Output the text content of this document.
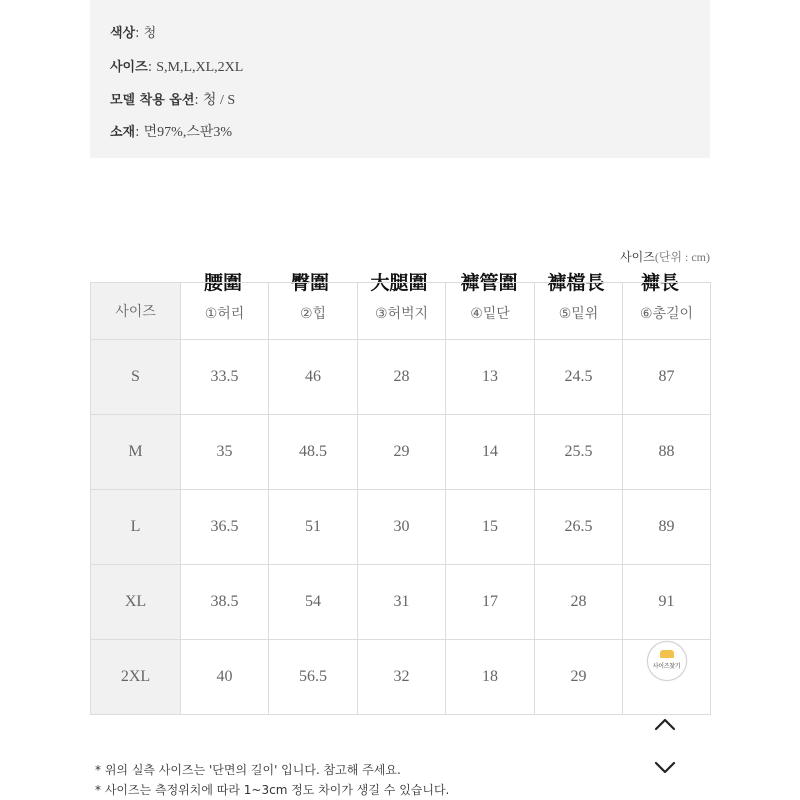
색상: 청
사이즈: S,M,L,XL,2XL
모델 착용 옵션: 청 / S
소재: 면97%,스판3%
사이즈(단위 : cm)
腰圍	臀圍 大腿圍 褲管圍 褲檔長 褲長
사이즈	①허리	②힙	③허벅지	④밑단	⑤밑위	⑥총길이
S	33.5	46	28	13	24.5	87
M	35	48.5	29	14	25.5	88
L	36.5	51	30	15	26.5	89
XL	38.5	54	31	17	28	91
2XL	40	56.5	32	18	29	사이즈찾기
* 위의 실측 사이즈는 '단면의 길이' 입니다. 참고해 주세요.
* 사이즈는 측정위치에 따라 1~3cm 정도 차이가 생길 수 있습니다.
